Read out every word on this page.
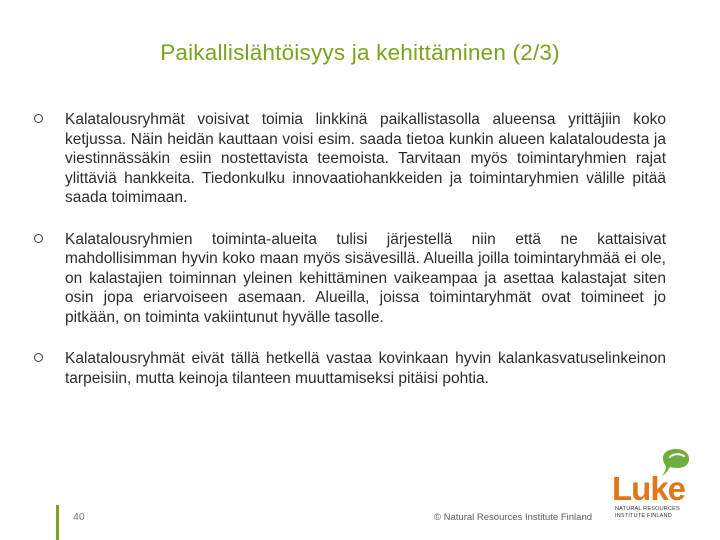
Paikallislähtöisyys ja kehittäminen (2/3)
Kalatalousryhmät voisivat toimia linkkinä paikallistasolla alueensa yrittäjiin koko ketjussa. Näin heidän kauttaan voisi esim. saada tietoa kunkin alueen kalataloudesta ja viestinnässäkin esiin nostettavista teemoista. Tarvitaan myös toimintaryhmien rajat ylittäviä hankkeita. Tiedonkulku innovaatiohankkeiden ja toimintaryhmien välille pitää saada toimimaan.
Kalatalousryhmien toiminta-alueita tulisi järjestellä niin että ne kattaisivat mahdollisimman hyvin koko maan myös sisävesillä. Alueilla joilla toimintaryhmää ei ole, on kalastajien toiminnan yleinen kehittäminen vaikeampaa ja asettaa kalastajat siten osin jopa eriarvoiseen asemaan. Alueilla, joissa toimintaryhmät ovat toimineet jo pitkään, on toiminta vakiintunut hyvälle tasolle.
Kalatalousryhmät eivät tällä hetkellä vastaa kovinkaan hyvin kalankasvatuselinkeinon tarpeisiin, mutta keinoja tilanteen muuttamiseksi pitäisi pohtia.
40	© Natural Resources Institute Finland
Luke
NATURAL RESOURCES
INSTITUTE FINLAND
